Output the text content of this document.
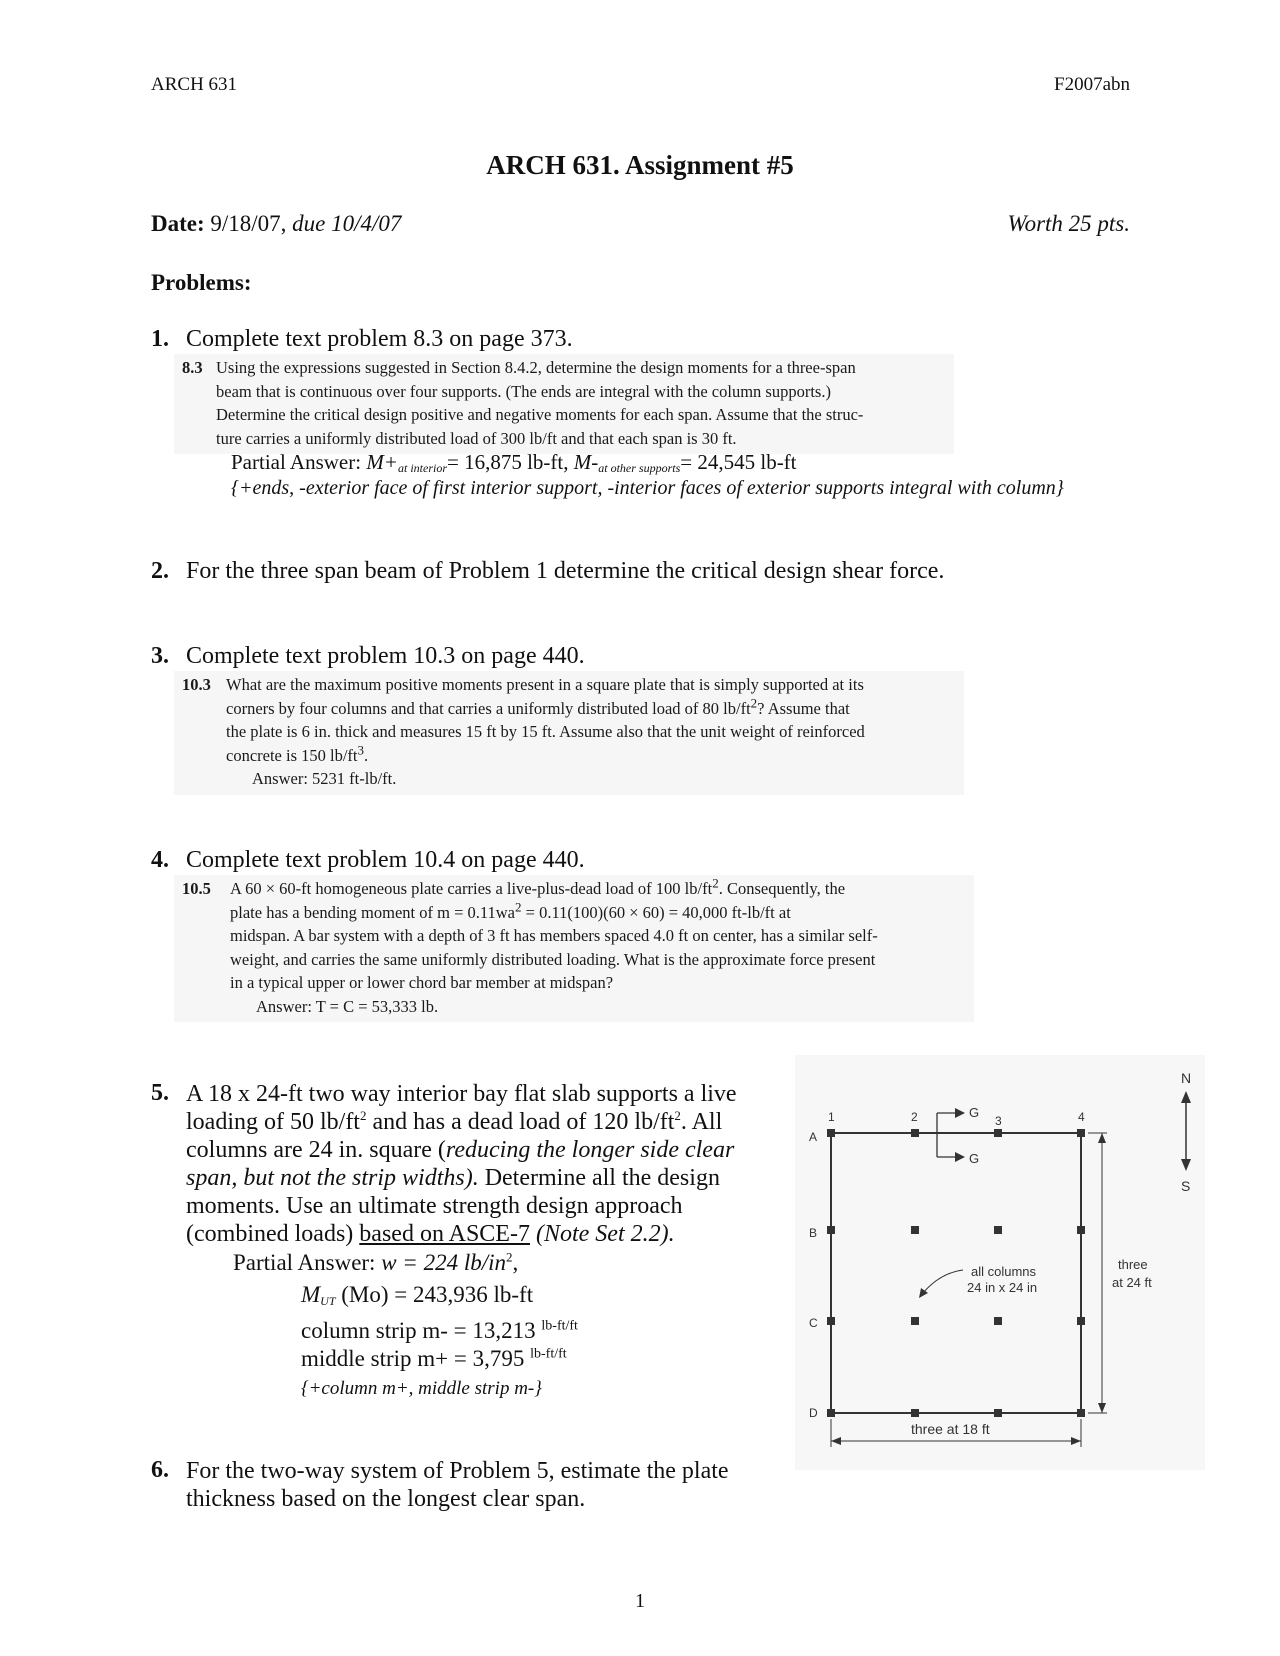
ARCH 631	F2007abn
ARCH 631. Assignment #5
Date: 9/18/07, due 10/4/07	Worth 25 pts.
Problems:
1. Complete text problem 8.3 on page 373.
8.3 Using the expressions suggested in Section 8.4.2, determine the design moments for a three-span
beam that is continuous over four supports. (The ends are integral with the column supports.)
Determine the critical design positive and negative moments for each span. Assume that the struc-
ture carries a uniformly distributed load of 300 lb/ft and that each span is 30 ft.
Partial Answer: $M+_{at interior}= 16,875$ lb-ft, $M-_{at other supports}= 24,545$ lb-ft
{+ends, -exterior face of first interior support, -interior faces of exterior supports integral with column}
2. For the three span beam of Problem 1 determine the critical design shear force.
3. Complete text problem 10.3 on page 440.
10.3 What are the maximum positive moments present in a square plate that is simply supported at its
corners by four columns and that carries a uniformly distributed load of 80 $lb/ft^2$? Assume that
the plate is 6 in. thick and measures 15 ft by 15 ft. Assume also that the unit weight of reinforced
concrete is 150 $lb/ft^3$.
Answer: 5231 ft-lb/ft.
4. Complete text problem 10.4 on page 440.
10.5 A 60 × 60-ft homogeneous plate carries a live-plus-dead load of 100 $lb/ft^2$. Consequently, the
plate has a bending moment of $m = 0.11wa^2 = 0.11(100)(60 \times 60) = 40,000$ ft-lb/ft at
midspan. A bar system with a depth of 3 ft has members spaced 4.0 ft on center, has a similar self-
weight, and carries the same uniformly distributed loading. What is the approximate force present
in a typical upper or lower chord bar member at midspan?
Answer: T = C = 53,333 lb.
5. A 18 x 24-ft two way interior bay flat slab supports a live
loading of 50 $lb/ft^2$ and has a dead load of 120 $lb/ft^2$. All
columns are 24 in. square (reducing the longer side clear
span, but not the strip widths). Determine all the design
moments. Use an ultimate strength design approach
(combined loads) based on ASCE-7 (Note Set 2.2).
Partial Answer: w = 224 $lb/in^2$,
$M_{UT}$ (Mo) = 243,936 lb-ft
column strip m- = 13,213 $^{lb-ft/ft}$
middle strip m+ = 3,795 $^{lb-ft/ft}$
{+column m+, middle strip m-}
6. For the two-way system of Problem 5, estimate the plate
thickness based on the longest clear span.
N
S
1	2	3	4
A
B
C
D
G
G
all columns
24 in x 24 in
three
at 24 ft
three at 18 ft
1
